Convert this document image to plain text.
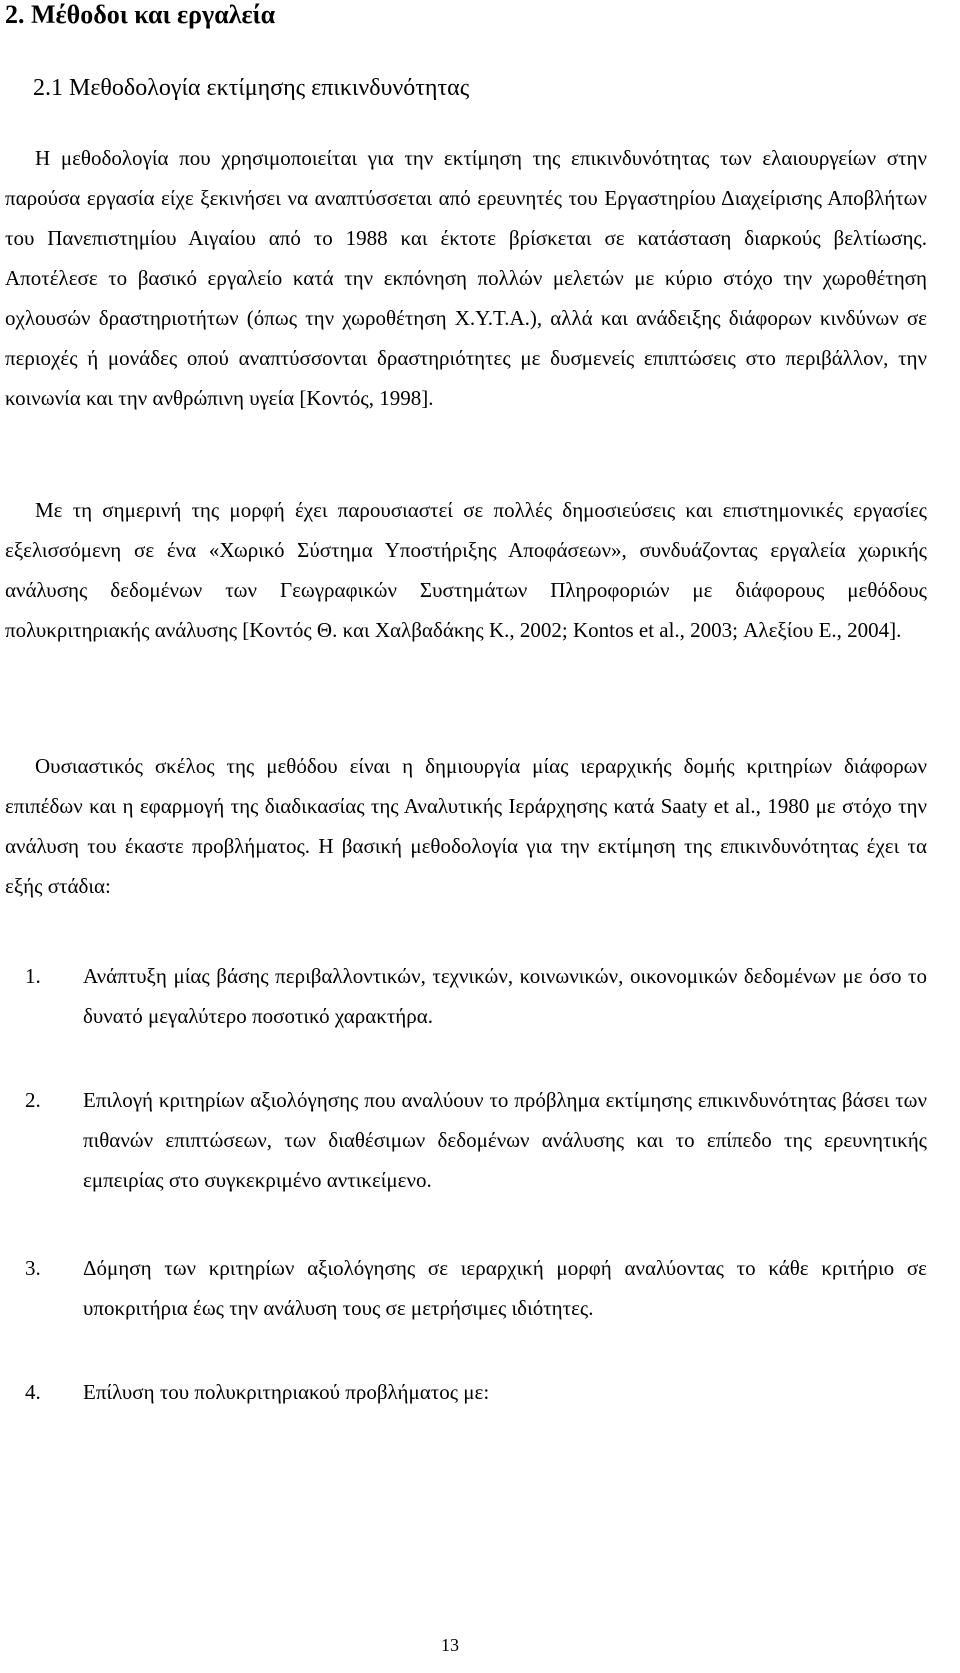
2. Μέθοδοι και εργαλεία
2.1 Μεθοδολογία εκτίμησης επικινδυνότητας

Η μεθοδολογία που χρησιμοποιείται για την εκτίμηση της επικινδυνότητας των ελαιουργείων στην παρούσα εργασία είχε ξεκινήσει να αναπτύσσεται από ερευνητές του Εργαστηρίου Διαχείρισης Αποβλήτων του Πανεπιστημίου Αιγαίου από το 1988 και έκτοτε βρίσκεται σε κατάσταση διαρκούς βελτίωσης. Αποτέλεσε το βασικό εργαλείο κατά την εκπόνηση πολλών μελετών με κύριο στόχο την χωροθέτηση οχλουσών δραστηριοτήτων (όπως την χωροθέτηση Χ.Υ.Τ.Α.), αλλά και ανάδειξης διάφορων κινδύνων σε περιοχές ή μονάδες οπού αναπτύσσονται δραστηριότητες με δυσμενείς επιπτώσεις στο περιβάλλον, την κοινωνία και την ανθρώπινη υγεία [Κοντός, 1998].

Με τη σημερινή της μορφή έχει παρουσιαστεί σε πολλές δημοσιεύσεις και επιστημονικές εργασίες εξελισσόμενη σε ένα «Χωρικό Σύστημα Υποστήριξης Αποφάσεων», συνδυάζοντας εργαλεία χωρικής ανάλυσης δεδομένων των Γεωγραφικών Συστημάτων Πληροφοριών με διάφορους μεθόδους πολυκριτηριακής ανάλυσης [Κοντός Θ. και Χαλβαδάκης Κ., 2002; Kontos et al., 2003; Αλεξίου Ε., 2004].

Ουσιαστικός σκέλος της μεθόδου είναι η δημιουργία μίας ιεραρχικής δομής κριτηρίων διάφορων επιπέδων και η εφαρμογή της διαδικασίας της Αναλυτικής Ιεράρχησης κατά Saaty et al., 1980 με στόχο την ανάλυση του έκαστε προβλήματος. Η βασική μεθοδολογία για την εκτίμηση της επικινδυνότητας έχει τα εξής στάδια:

1.	Ανάπτυξη μίας βάσης περιβαλλοντικών, τεχνικών, κοινωνικών, οικονομικών δεδομένων με όσο το δυνατό μεγαλύτερο ποσοτικό χαρακτήρα.
2.	Επιλογή κριτηρίων αξιολόγησης που αναλύουν το πρόβλημα εκτίμησης επικινδυνότητας βάσει των πιθανών επιπτώσεων, των διαθέσιμων δεδομένων ανάλυσης και το επίπεδο της ερευνητικής εμπειρίας στο συγκεκριμένο αντικείμενο.
3.	Δόμηση των κριτηρίων αξιολόγησης σε ιεραρχική μορφή αναλύοντας το κάθε κριτήριο σε υποκριτήρια έως την ανάλυση τους σε μετρήσιμες ιδιότητες.
4.	Επίλυση του πολυκριτηριακού προβλήματος με:
13
